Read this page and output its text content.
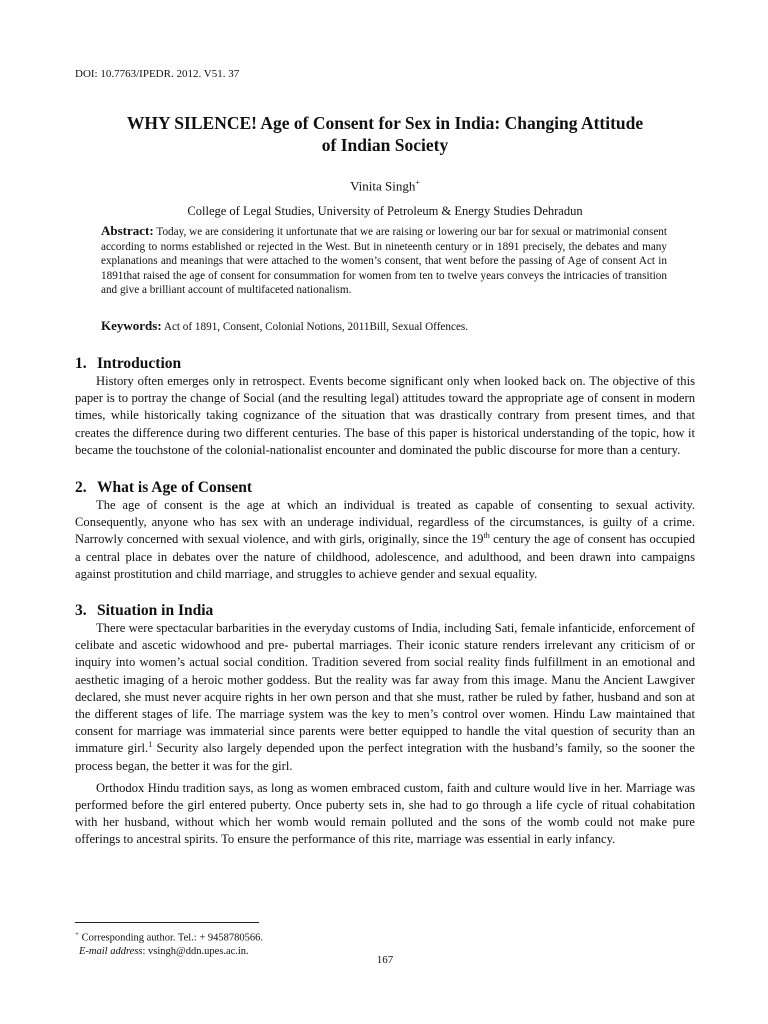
DOI: 10.7763/IPEDR. 2012. V51. 37
WHY SILENCE! Age of Consent for Sex in India: Changing Attitude
of Indian Society
Vinita Singh+
College of Legal Studies, University of Petroleum & Energy Studies Dehradun
Abstract: Today, we are considering it unfortunate that we are raising or lowering our bar for sexual or matrimonial consent according to norms established or rejected in the West. But in nineteenth century or in 1891 precisely, the debates and many explanations and meanings that were attached to the women’s consent, that went before the passing of Age of consent Act in 1891that raised the age of consent for consummation for women from ten to twelve years conveys the intricacies of transition and give a brilliant account of multifaceted nationalism.
Keywords: Act of 1891, Consent, Colonial Notions, 2011Bill, Sexual Offences.
1. Introduction

History often emerges only in retrospect. Events become significant only when looked back on. The objective of this paper is to portray the change of Social (and the resulting legal) attitudes toward the appropriate age of consent in modern times, while historically taking cognizance of the situation that was drastically contrary from present times, and that creates the difference during two different centuries. The base of this paper is historical understanding of the topic, how it became the touchstone of the colonial-nationalist encounter and dominated the public discourse for more than a century.

2. What is Age of Consent

The age of consent is the age at which an individual is treated as capable of consenting to sexual activity. Consequently, anyone who has sex with an underage individual, regardless of the circumstances, is guilty of a crime. Narrowly concerned with sexual violence, and with girls, originally, since the 19th century the age of consent has occupied a central place in debates over the nature of childhood, adolescence, and adulthood, and been drawn into campaigns against prostitution and child marriage, and struggles to achieve gender and sexual equality.

3. Situation in India

There were spectacular barbarities in the everyday customs of India, including Sati, female infanticide, enforcement of celibate and ascetic widowhood and pre- pubertal marriages. Their iconic stature renders irrelevant any criticism of or inquiry into women’s actual social condition. Tradition severed from social reality finds fulfillment in an emotional and aesthetic imaging of a heroic mother goddess. But the reality was far away from this image. Manu the Ancient Lawgiver declared, she must never acquire rights in her own person and that she must, rather be ruled by father, husband and son at the different stages of life. The marriage system was the key to men’s control over women. Hindu Law maintained that consent for marriage was immaterial since parents were better equipped to handle the vital question of security than an immature girl.$^1$ Security also largely depended upon the perfect integration with the husband’s family, so the sooner the process began, the better it was for the girl.

Orthodox Hindu tradition says, as long as women embraced custom, faith and culture would live in her. Marriage was performed before the girl entered puberty. Once puberty sets in, she had to go through a life cycle of ritual cohabitation with her husband, without which her womb would remain polluted and the sons of the womb could not make pure offerings to ancestral spirits. To ensure the performance of this rite, marriage was essential in early infancy.

+ Corresponding author. Tel.: + 9458780566.
E-mail address: vsingh@ddn.upes.ac.in.
167
